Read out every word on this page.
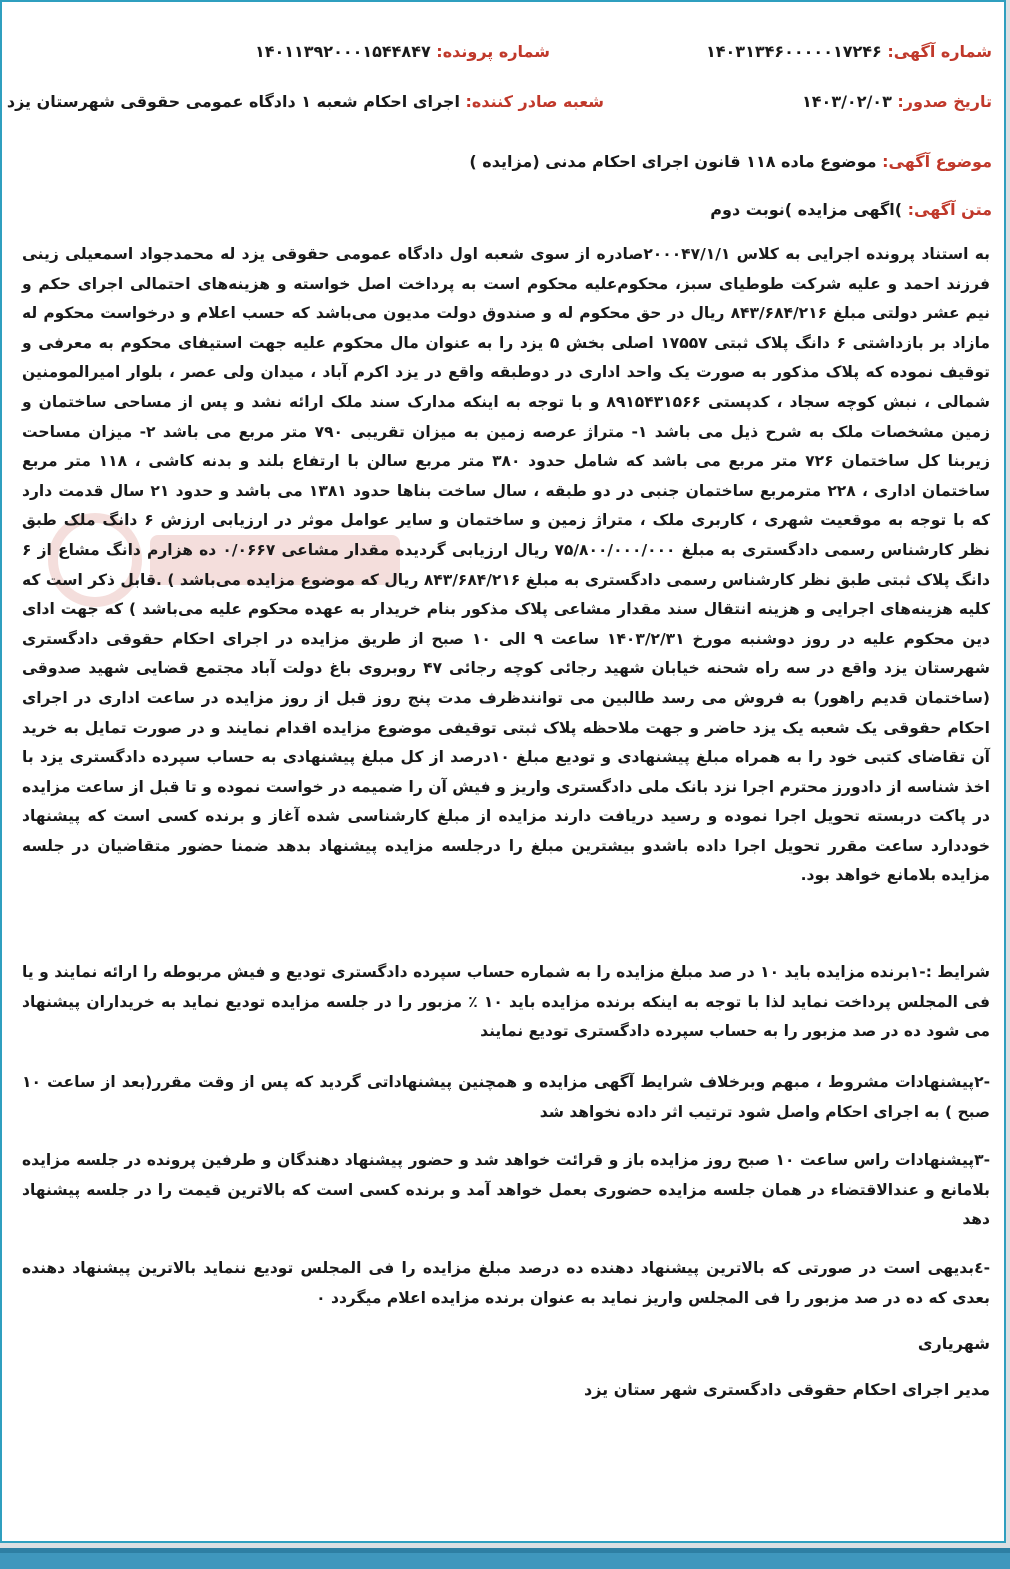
شماره آگهی: ۱۴۰۳۱۳۴۶۰۰۰۰۰۱۷۲۴۶
شماره پرونده: ۱۴۰۱۱۳۹۲۰۰۰۱۵۴۴۸۴۷
تاریخ صدور: ۱۴۰۳/۰۲/۰۳
شعبه صادر کننده: اجرای احکام شعبه ۱ دادگاه عمومی حقوقی شهرستان یزد
موضوع آگهی: موضوع ماده ۱۱۸ قانون اجرای احکام مدنی (مزایده )
متن آگهی: )اگهی مزایده )نوبت دوم

به استناد پرونده اجرایی به کلاس ۲۰۰۰۴۷/۱/۱صادره از سوی شعبه اول دادگاه عمومی حقوقی یزد له محمدجواد اسمعیلی زینی فرزند احمد و علیه شرکت طوطیای سبز، محکوم‌علیه محکوم است به پرداخت اصل خواسته و هزینه‌های احتمالی اجرای حکم و نیم عشر دولتی مبلغ ۸۴۳/۶۸۴/۲۱۶ ریال در حق محکوم له و صندوق دولت مدیون می‌باشد که حسب اعلام و درخواست محکوم له مازاد بر بازداشتی ۶ دانگ پلاک ثبتی ۱۷۵۵۷ اصلی بخش ۵ یزد را به عنوان مال محکوم علیه جهت استیفای محکوم به معرفی و توقیف نموده که پلاک مذکور به صورت یک واحد اداری در دوطبقه واقع در یزد اکرم آباد ، میدان ولی عصر ، بلوار امیرالمومنین شمالی ، نبش کوچه سجاد ، کدپستی ۸۹۱۵۴۳۱۵۶۶ و با توجه به اینکه مدارک سند ملک ارائه نشد و پس از مساحی ساختمان و زمین مشخصات ملک به شرح ذیل می باشد ۱- متراژ عرصه زمین به میزان تقریبی ۷۹۰ متر مربع می باشد ۲- میزان مساحت زیربنا کل ساختمان ۷۲۶ متر مربع می باشد که شامل حدود ۳۸۰ متر مربع سالن با ارتفاع بلند و بدنه کاشی ، ۱۱۸ متر مربع ساختمان اداری ، ۲۲۸ مترمربع ساختمان جنبی در دو طبقه ، سال ساخت بناها حدود ۱۳۸۱ می باشد و حدود ۲۱ سال قدمت دارد که با توجه به موقعیت شهری ، کاربری ملک ، متراژ زمین و ساختمان و سایر عوامل موثر در ارزیابی ارزش ۶ دانگ ملک طبق نظر کارشناس رسمی دادگستری به مبلغ ۷۵/۸۰۰/۰۰۰/۰۰۰ ریال ارزیابی گردیده مقدار مشاعی ۰/۰۶۶۷ ده هزارم دانگ مشاع از ۶ دانگ پلاک ثبتی طبق نظر کارشناس رسمی دادگستری به مبلغ ۸۴۳/۶۸۴/۲۱۶ ریال که موضوع مزایده می‌باشد ) .قابل ذکر است که کلیه هزینه‌های اجرایی و هزینه انتقال سند مقدار مشاعی پلاک مذکور بنام خریدار به عهده محکوم علیه می‌باشد ) که جهت ادای دین محکوم علیه در روز دوشنبه مورخ ۱۴۰۳/۲/۳۱ ساعت ۹ الی ۱۰ صبح از طریق مزایده در اجرای احکام حقوقی دادگستری شهرستان یزد واقع در سه راه شحنه خیابان شهید رجائی کوچه رجائی ۴۷ روبروی باغ دولت آباد مجتمع قضایی شهید صدوقی (ساختمان قدیم راهور) به فروش می رسد طالبین می توانندظرف مدت پنج روز قبل از روز مزایده در ساعت اداری در اجرای احکام حقوقی یک شعبه یک یزد حاضر و جهت ملاحظه پلاک ثبتی توقیفی موضوع مزایده اقدام نمایند و در صورت تمایل به خرید آن تقاضای کتبی خود را به همراه مبلغ پیشنهادی و تودیع مبلغ ۱۰درصد از کل مبلغ پیشنهادی به حساب سپرده دادگستری یزد با اخذ شناسه از دادورز محترم اجرا نزد بانک ملی دادگستری واریز و فیش آن را ضمیمه در خواست نموده و تا قبل از ساعت مزایده در پاکت دربسته تحویل اجرا نموده و رسید دریافت دارند مزایده از مبلغ کارشناسی شده آغاز و برنده کسی است که پیشنهاد خوددارد ساعت مقرر تحویل اجرا داده باشدو بیشترین مبلغ را درجلسه مزایده پیشنهاد بدهد ضمنا حضور متقاضیان در جلسه مزایده بلامانع خواهد بود.

شرایط :-۱برنده مزایده باید ۱۰ در صد مبلغ مزایده را به شماره حساب سپرده دادگستری تودیع و فیش مربوطه را ارائه نمایند و یا فی المجلس پرداخت نماید لذا با توجه به اینکه برنده مزایده باید ۱۰ ٪ مزبور را در جلسه مزایده تودیع نماید به خریداران پیشنهاد می شود ده در صد مزبور را به حساب سپرده دادگستری تودیع نمایند

-۲پیشنهادات مشروط ، مبهم وبرخلاف شرایط آگهی مزایده و همچنین پیشنهاداتی گردید که پس از وقت مقرر(بعد از ساعت ۱۰ صبح ) به اجرای احکام واصل شود ترتیب اثر داده نخواهد شد

-۳پیشنهادات راس ساعت ۱۰ صبح روز مزایده باز و قرائت خواهد شد و حضور پیشنهاد دهندگان و طرفین پرونده در جلسه مزایده بلامانع و عندالاقتضاء در همان جلسه مزایده حضوری بعمل خواهد آمد و برنده کسی است که بالاترین قیمت را در جلسه پیشنهاد دهد

-٤بدیهی است در صورتی که بالاترین پیشنهاد دهنده ده درصد مبلغ مزایده را فی المجلس تودیع ننماید بالاترین پیشنهاد دهنده بعدی که ده در صد مزبور را فی المجلس واریز نماید به عنوان برنده مزایده اعلام میگردد ۰

شهریاری
مدیر اجرای احکام حقوقی دادگستری شهر ستان یزد
